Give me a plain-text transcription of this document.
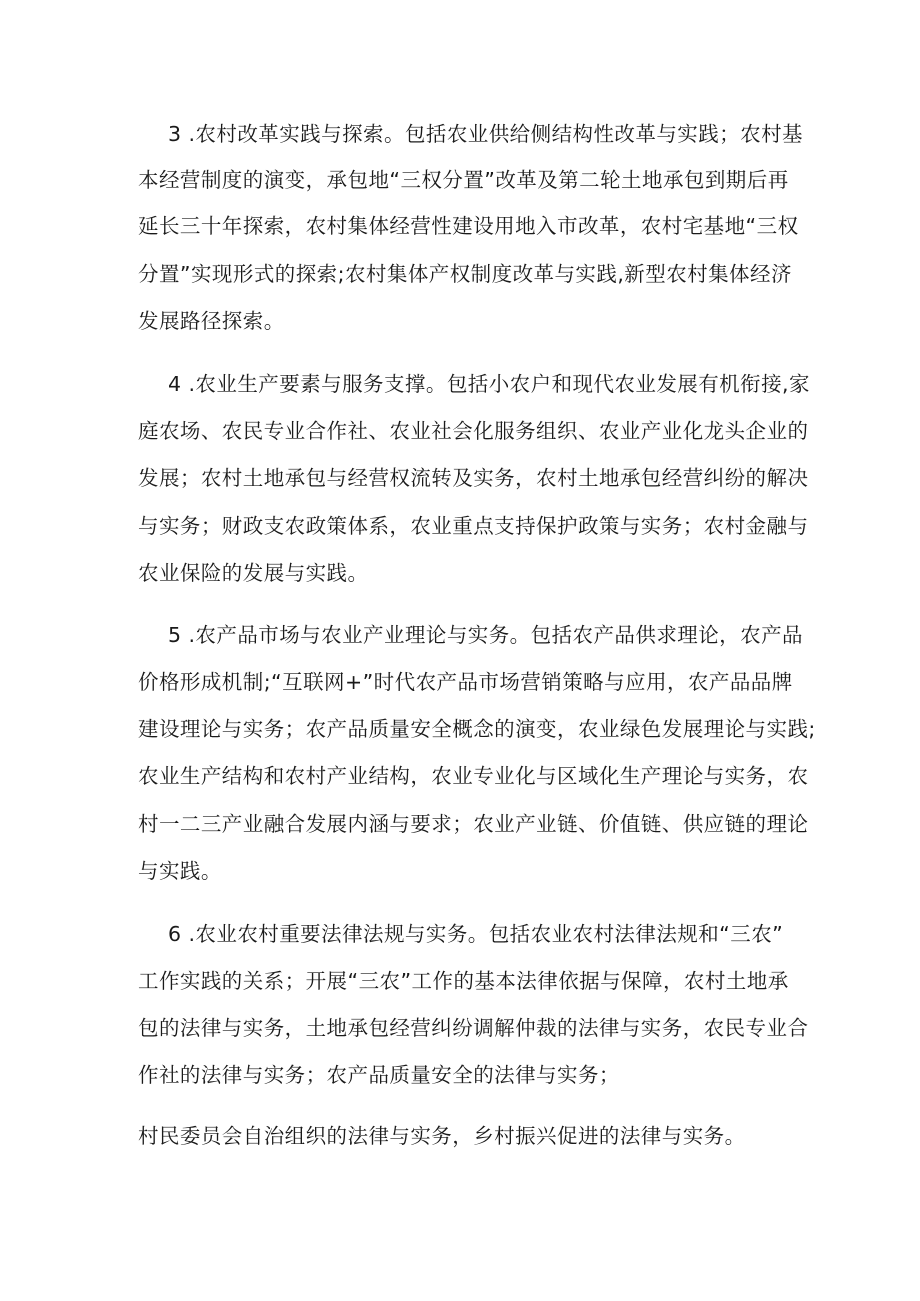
3 .农村改革实践与探索。包括农业供给侧结构性改革与实践；农村基
本经营制度的演变，承包地“三权分置”改革及第二轮土地承包到期后再
延长三十年探索，农村集体经营性建设用地入市改革，农村宅基地“三权
分置”实现形式的探索;农村集体产权制度改革与实践,新型农村集体经济
发展路径探索。
4 .农业生产要素与服务支撑。包括小农户和现代农业发展有机衔接,家
庭农场、农民专业合作社、农业社会化服务组织、农业产业化龙头企业的
发展；农村土地承包与经营权流转及实务，农村土地承包经营纠纷的解决
与实务；财政支农政策体系，农业重点支持保护政策与实务；农村金融与
农业保险的发展与实践。
5 .农产品市场与农业产业理论与实务。包括农产品供求理论，农产品
价格形成机制;“互联网+”时代农产品市场营销策略与应用，农产品品牌
建设理论与实务；农产品质量安全概念的演变，农业绿色发展理论与实践;
农业生产结构和农村产业结构，农业专业化与区域化生产理论与实务，农
村一二三产业融合发展内涵与要求；农业产业链、价值链、供应链的理论
与实践。
6 .农业农村重要法律法规与实务。包括农业农村法律法规和“三农”
工作实践的关系；开展“三农”工作的基本法律依据与保障，农村土地承
包的法律与实务，土地承包经营纠纷调解仲裁的法律与实务，农民专业合
作社的法律与实务；农产品质量安全的法律与实务；
村民委员会自治组织的法律与实务，乡村振兴促进的法律与实务。
